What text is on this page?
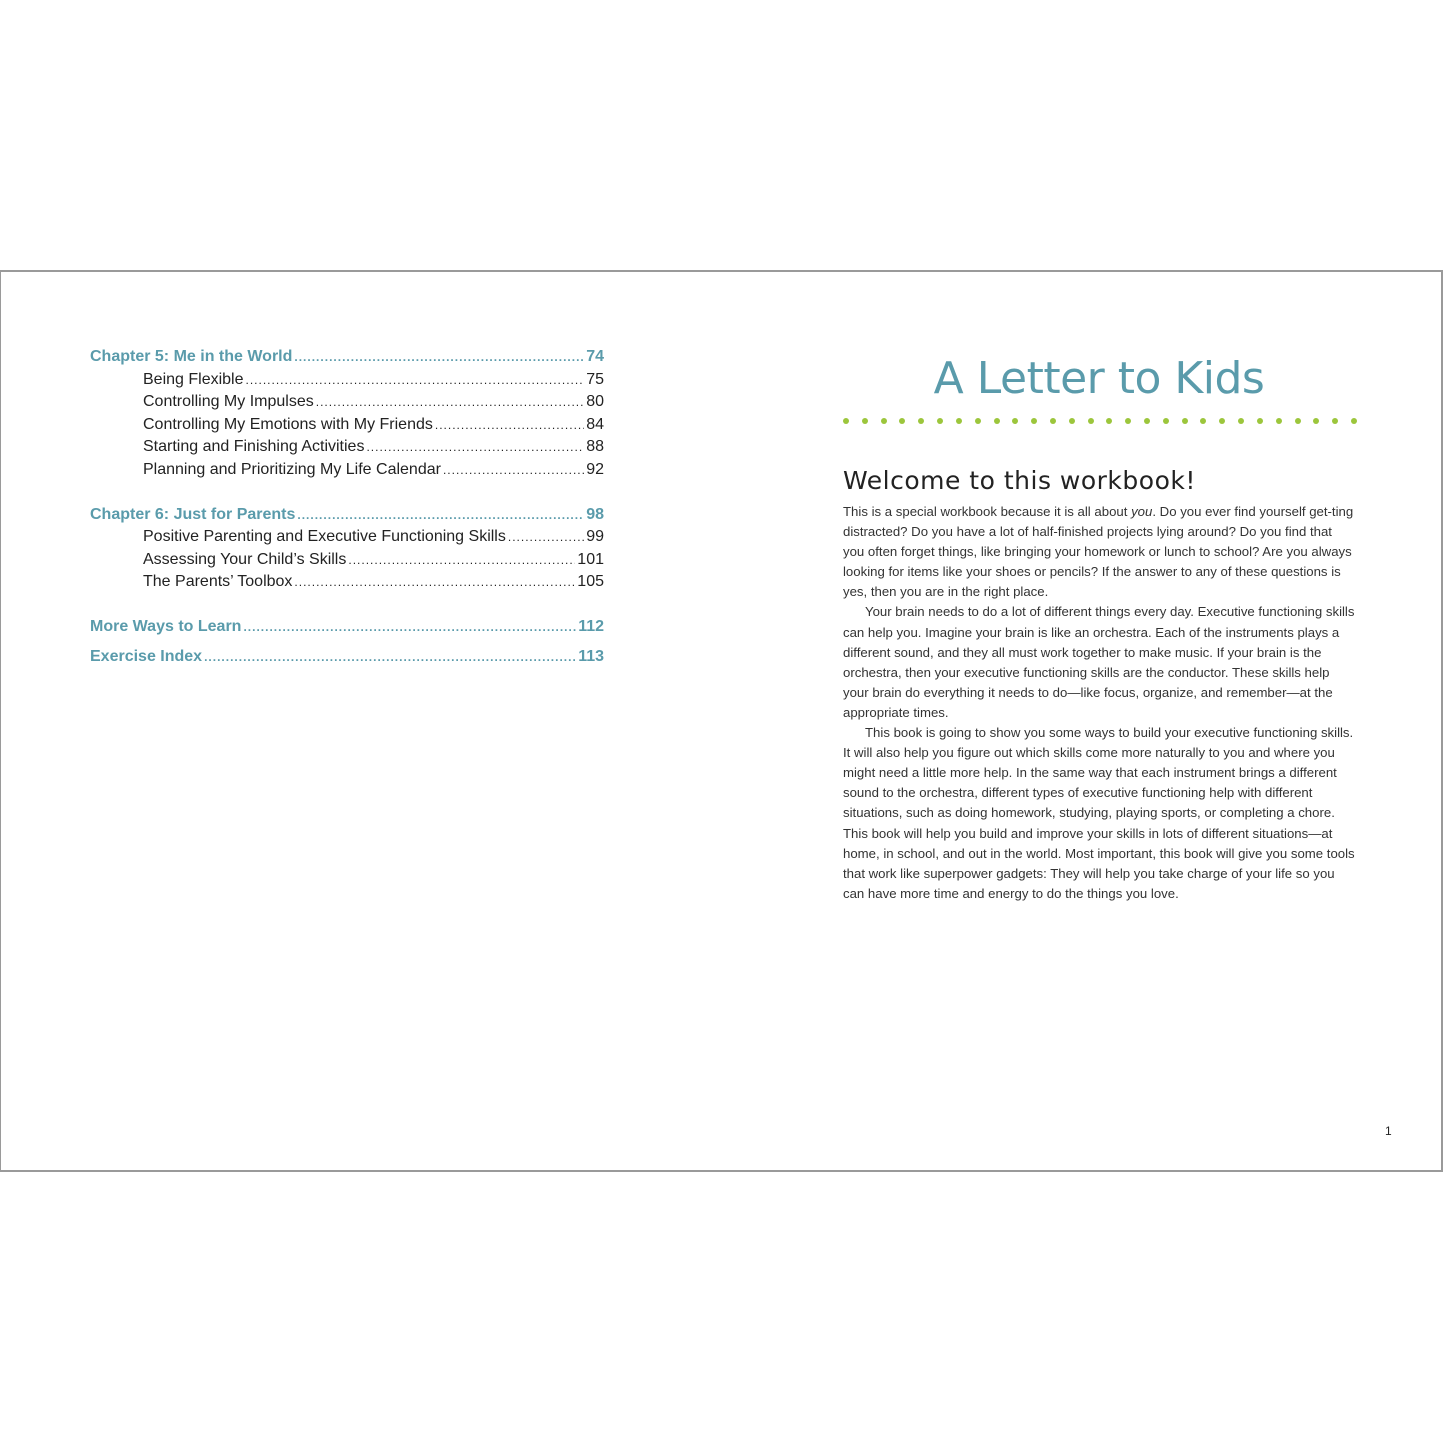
Chapter 5: Me in the World .....	74
Being Flexible .....	75
Controlling My Impulses .....	80
Controlling My Emotions with My Friends .....	84
Starting and Finishing Activities .....	88
Planning and Prioritizing My Life Calendar .....	92
Chapter 6: Just for Parents .....	98
Positive Parenting and Executive Functioning Skills .....	99
Assessing Your Child’s Skills .....	101
The Parents’ Toolbox .....	105
More Ways to Learn .....	112
Exercise Index .....	113
A Letter to Kids
Welcome to this workbook!

This is a special workbook because it is all about you. Do you ever find yourself get-ting distracted? Do you have a lot of half-finished projects lying around? Do you find that you often forget things, like bringing your homework or lunch to school? Are you always looking for items like your shoes or pencils? If the answer to any of these questions is yes, then you are in the right place.

Your brain needs to do a lot of different things every day. Executive functioning skills can help you. Imagine your brain is like an orchestra. Each of the instruments plays a different sound, and they all must work together to make music. If your brain is the orchestra, then your executive functioning skills are the conductor. These skills help your brain do everything it needs to do—like focus, organize, and remember—at the appropriate times.

This book is going to show you some ways to build your executive functioning skills. It will also help you figure out which skills come more naturally to you and where you might need a little more help. In the same way that each instrument brings a different sound to the orchestra, different types of executive functioning help with different situations, such as doing homework, studying, playing sports, or completing a chore. This book will help you build and improve your skills in lots of different situations—at home, in school, and out in the world. Most important, this book will give you some tools that work like superpower gadgets: They will help you take charge of your life so you can have more time and energy to do the things you love.

1
